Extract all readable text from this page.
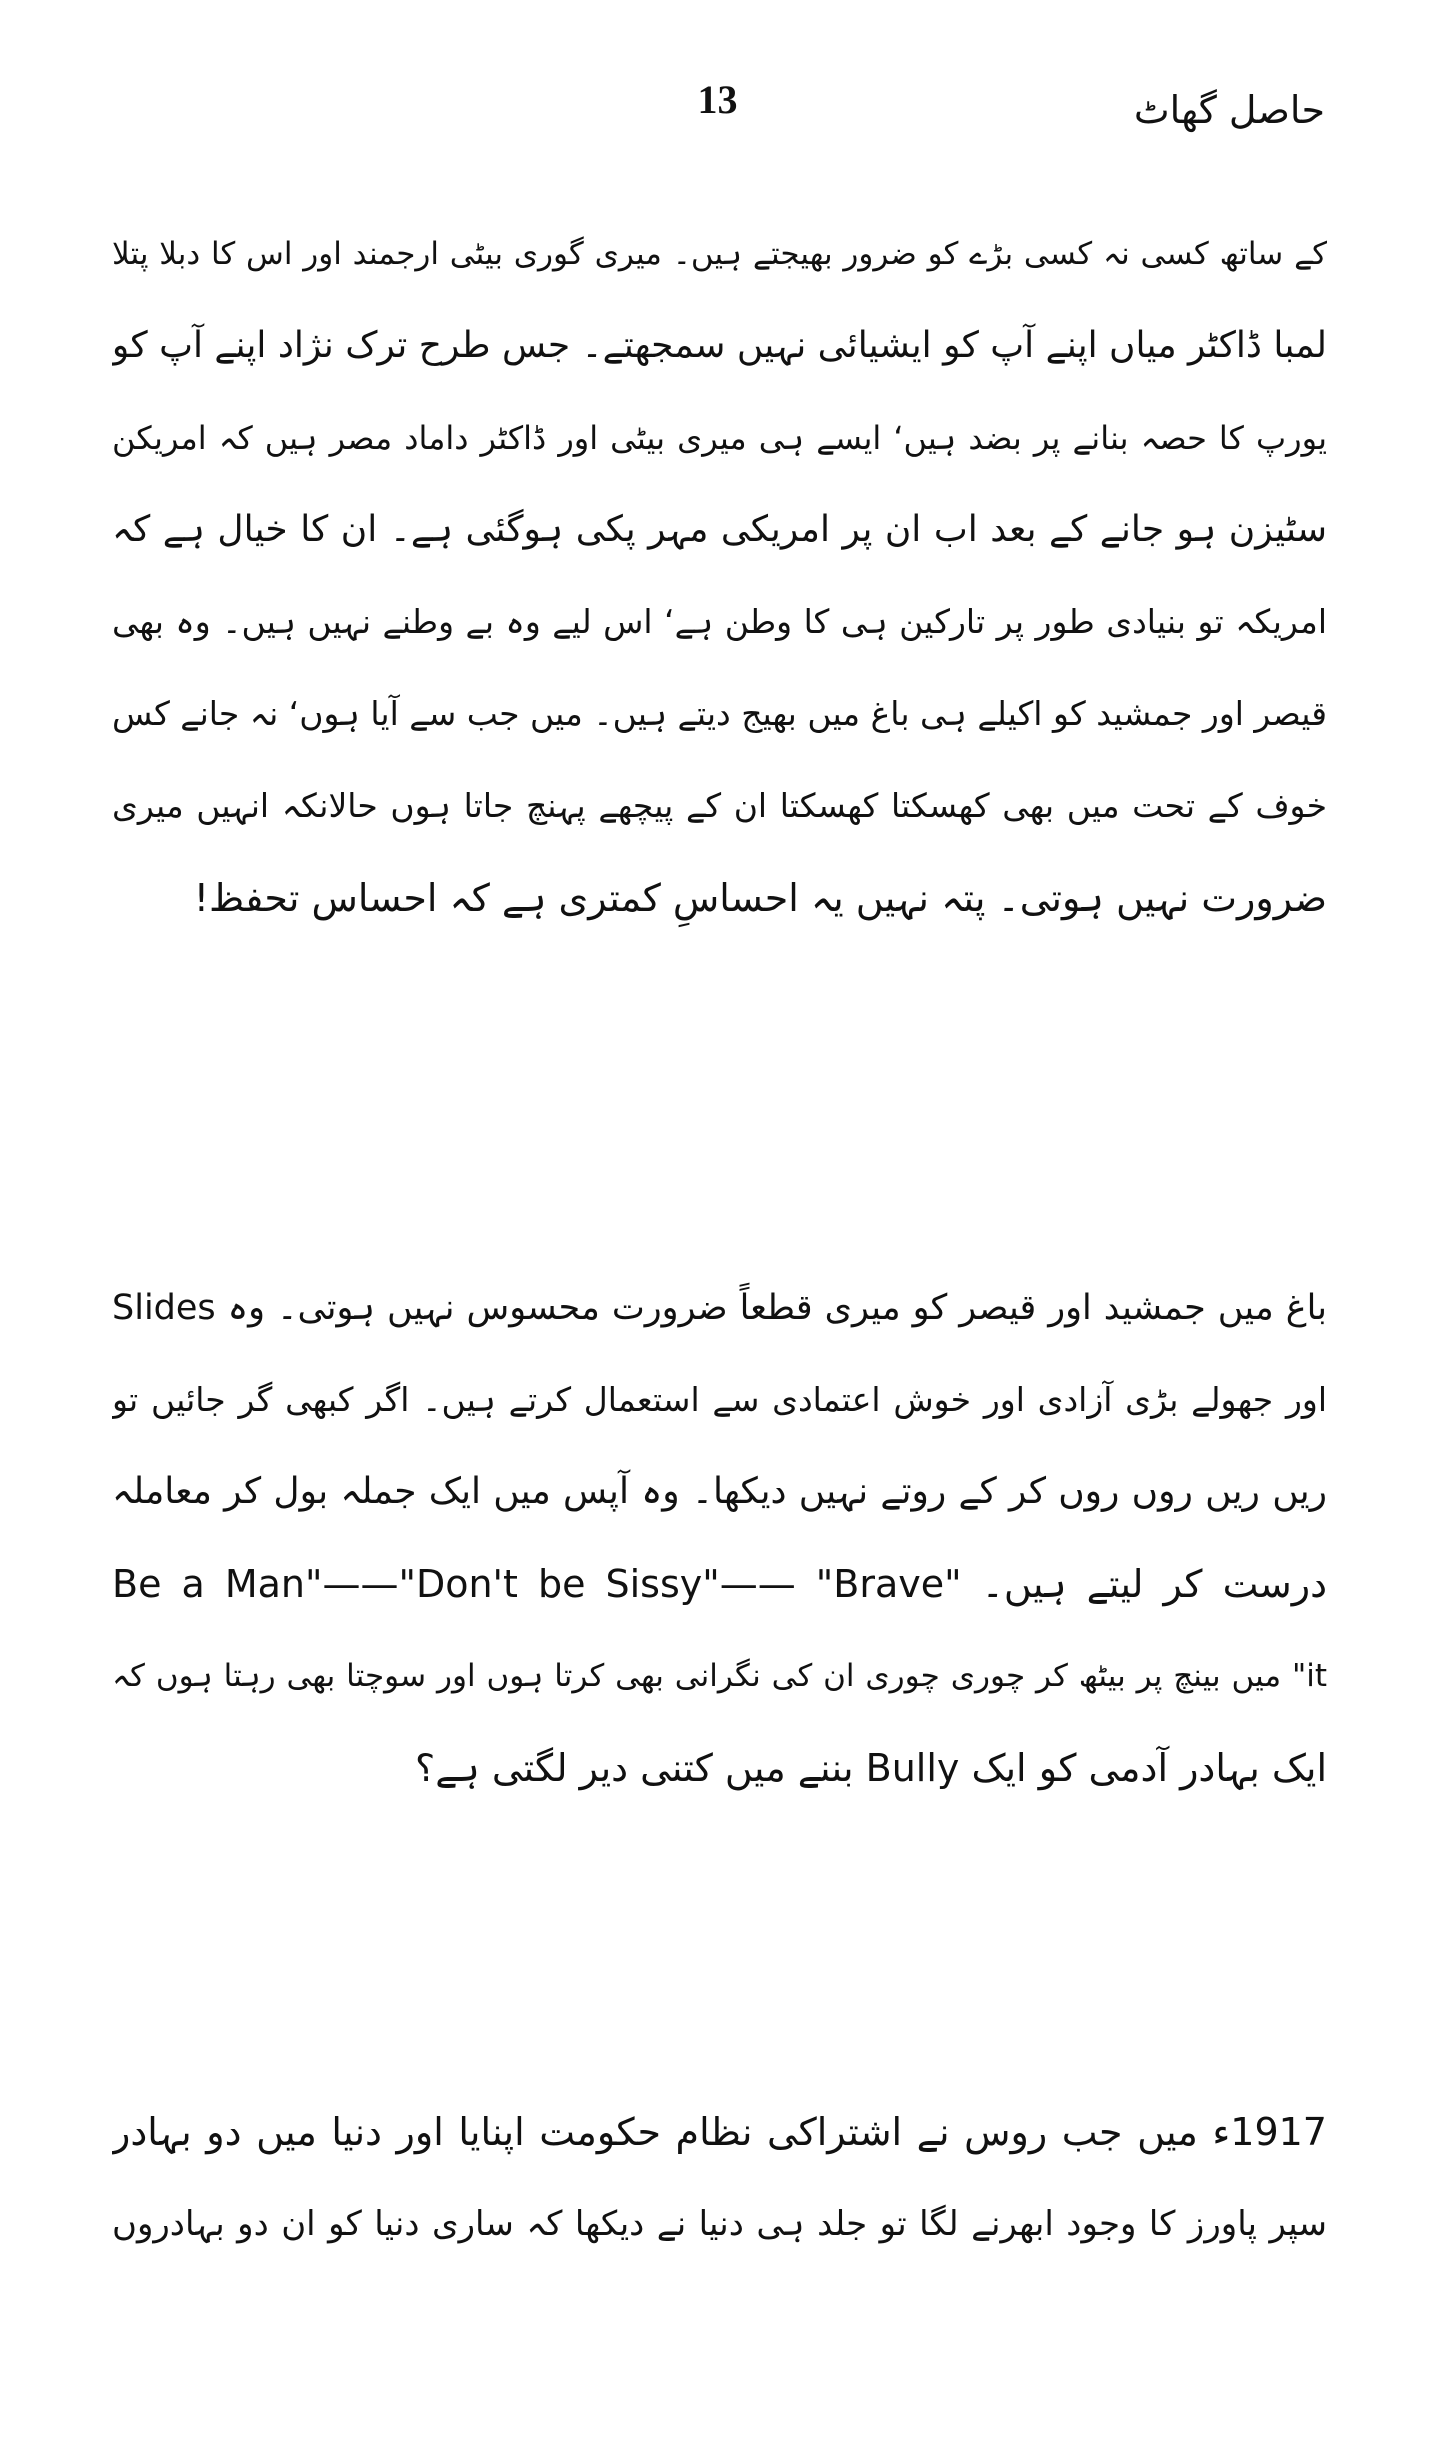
13	حاصل گھاٹ
کے ساتھ کسی نہ کسی بڑے کو ضرور بھیجتے ہیں۔ میری گوری بیٹی ارجمند اور اس کا دبلا پتلا
لمبا ڈاکٹر میاں اپنے آپ کو ایشیائی نہیں سمجھتے۔ جس طرح ترک نژاد اپنے آپ کو
یورپ کا حصہ بنانے پر بضد ہیں‘ ایسے ہی میری بیٹی اور ڈاکٹر داماد مصر ہیں کہ امریکن
سٹیزن ہو جانے کے بعد اب ان پر امریکی مہر پکی ہوگئی ہے۔ ان کا خیال ہے کہ
امریکہ تو بنیادی طور پر تارکین ہی کا وطن ہے‘ اس لیے وہ بے وطنے نہیں ہیں۔ وہ بھی
قیصر اور جمشید کو اکیلے ہی باغ میں بھیج دیتے ہیں۔ میں جب سے آیا ہوں‘ نہ جانے کس
خوف کے تحت میں بھی کھسکتا کھسکتا ان کے پیچھے پہنچ جاتا ہوں حالانکہ انہیں میری
ضرورت نہیں ہوتی۔ پتہ نہیں یہ احساسِ کمتری ہے کہ احساس تحفظ!
باغ میں جمشید اور قیصر کو میری قطعاً ضرورت محسوس نہیں ہوتی۔ وہ Slides
اور جھولے بڑی آزادی اور خوش اعتمادی سے استعمال کرتے ہیں۔ اگر کبھی گر جائیں تو
ریں ریں روں روں کر کے روتے نہیں دیکھا۔ وہ آپس میں ایک جملہ بول کر معاملہ
درست کر لیتے ہیں۔ "Be a Man"——"Don't be Sissy"—— "Brave
it" میں بینچ پر بیٹھ کر چوری چوری ان کی نگرانی بھی کرتا ہوں اور سوچتا بھی رہتا ہوں کہ
ایک بہادر آدمی کو ایک Bully بننے میں کتنی دیر لگتی ہے؟
1917ء میں جب روس نے اشتراکی نظام حکومت اپنایا اور دنیا میں دو بہادر
سپر پاورز کا وجود ابھرنے لگا تو جلد ہی دنیا نے دیکھا کہ ساری دنیا کو ان دو بہادروں
